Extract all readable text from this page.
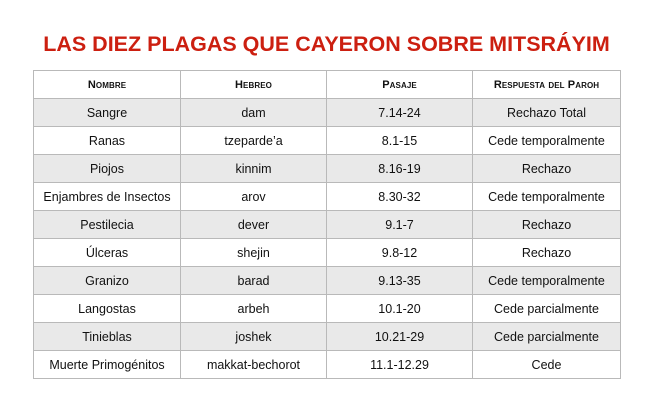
LAS DIEZ PLAGAS QUE CAYERON SOBRE MITSRÁYIM
Nombre	Hebreo	Pasaje	Respuesta del Paroh
Sangre	dam	7.14-24	Rechazo Total
Ranas	tzeparde’a	8.1-15	Cede temporalmente
Piojos	kinnim	8.16-19	Rechazo
Enjambres de Insectos	arov	8.30-32	Cede temporalmente
Pestilecia	dever	9.1-7	Rechazo
Úlceras	shejin	9.8-12	Rechazo
Granizo	barad	9.13-35	Cede temporalmente
Langostas	arbeh	10.1-20	Cede parcialmente
Tinieblas	joshek	10.21-29	Cede parcialmente
Muerte Primogénitos	makkat-bechorot	11.1-12.29	Cede
